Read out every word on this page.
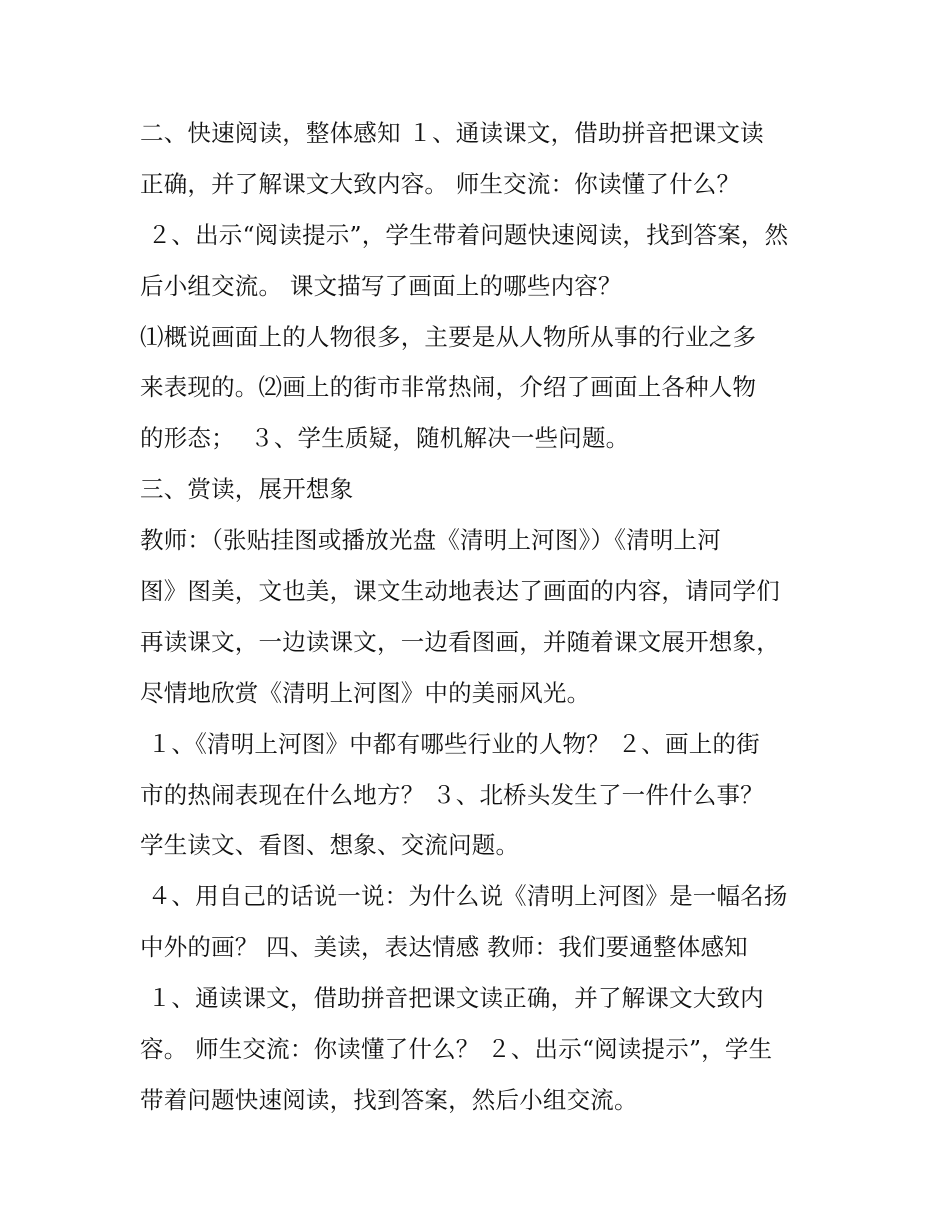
二、快速阅读，整体感知 １、通读课文，借助拼音把课文读
正确，并了解课文大致内容。 师生交流：你读懂了什么？
２、出示“阅读提示”，学生带着问题快速阅读，找到答案，然
后小组交流。 课文描写了画面上的哪些内容？
⑴概说画面上的人物很多，主要是从人物所从事的行业之多
来表现的。⑵画上的街市非常热闹，介绍了画面上各种人物
的形态；  ３、学生质疑，随机解决一些问题。
三、赏读，展开想象
教师：（张贴挂图或播放光盘《清明上河图》）《清明上河
图》图美，文也美，课文生动地表达了画面的内容，请同学们
再读课文，一边读课文，一边看图画，并随着课文展开想象，
尽情地欣赏《清明上河图》中的美丽风光。
１、《清明上河图》中都有哪些行业的人物？ ２、画上的街
市的热闹表现在什么地方？ ３、北桥头发生了一件什么事？
学生读文、看图、想象、交流问题。
４、用自己的话说一说：为什么说《清明上河图》是一幅名扬
中外的画？ 四、美读，表达情感 教师：我们要通整体感知
１、通读课文，借助拼音把课文读正确，并了解课文大致内
容。 师生交流：你读懂了什么？ ２、出示“阅读提示”，学生
带着问题快速阅读，找到答案，然后小组交流。
